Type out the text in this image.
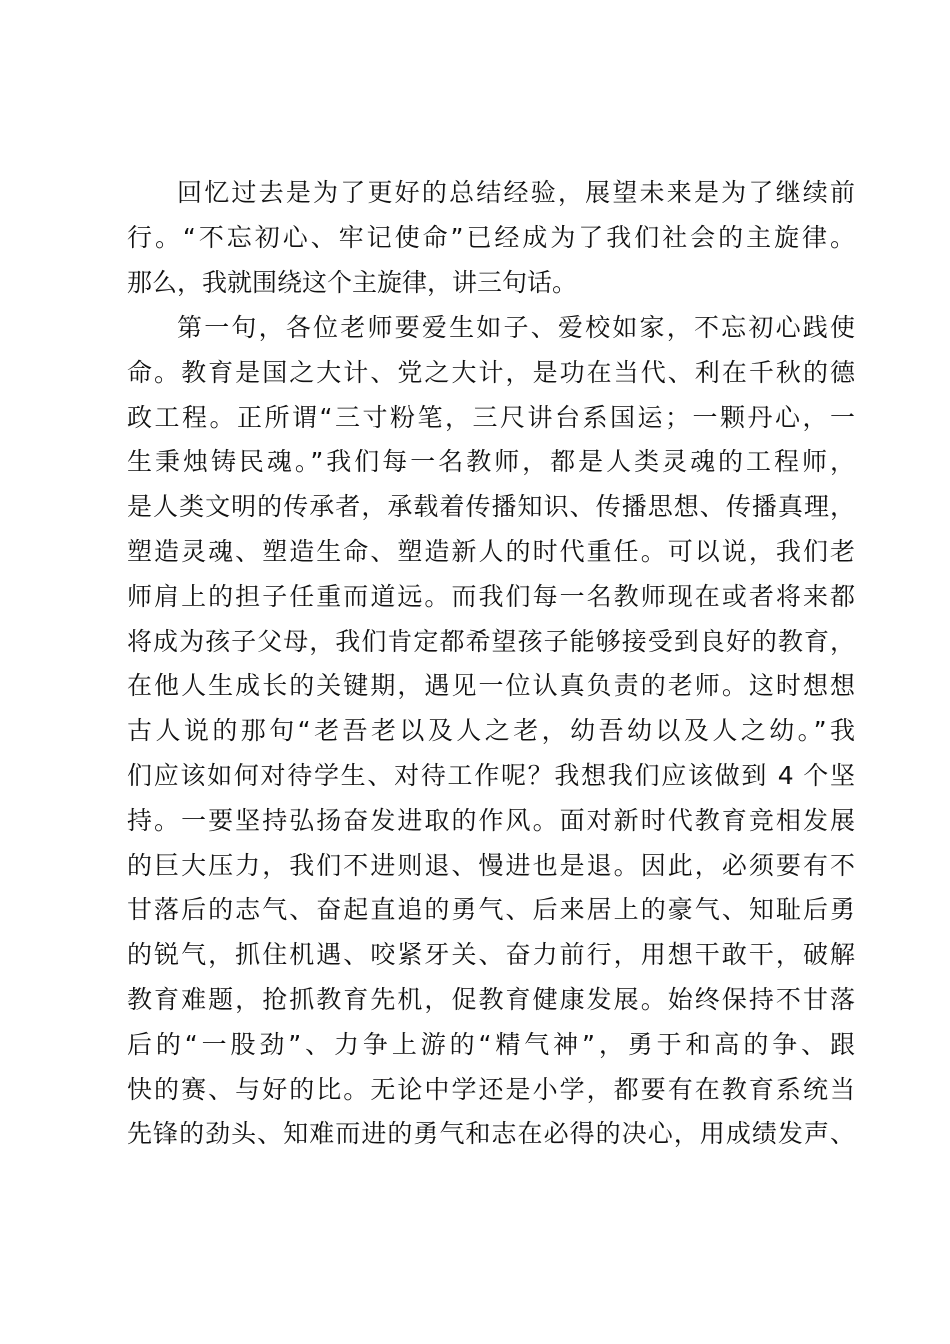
回忆过去是为了更好的总结经验，展望未来是为了继续前
行。“不忘初心、牢记使命”已经成为了我们社会的主旋律。
那么，我就围绕这个主旋律，讲三句话。
第一句，各位老师要爱生如子、爱校如家，不忘初心践使
命。教育是国之大计、党之大计，是功在当代、利在千秋的德
政工程。正所谓“三寸粉笔，三尺讲台系国运；一颗丹心，一
生秉烛铸民魂。”我们每一名教师，都是人类灵魂的工程师，
是人类文明的传承者，承载着传播知识、传播思想、传播真理，
塑造灵魂、塑造生命、塑造新人的时代重任。可以说，我们老
师肩上的担子任重而道远。而我们每一名教师现在或者将来都
将成为孩子父母，我们肯定都希望孩子能够接受到良好的教育，
在他人生成长的关键期，遇见一位认真负责的老师。这时想想
古人说的那句“老吾老以及人之老，幼吾幼以及人之幼。”我
们应该如何对待学生、对待工作呢？我想我们应该做到 4 个坚
持。一要坚持弘扬奋发进取的作风。面对新时代教育竞相发展
的巨大压力，我们不进则退、慢进也是退。因此，必须要有不
甘落后的志气、奋起直追的勇气、后来居上的豪气、知耻后勇
的锐气，抓住机遇、咬紧牙关、奋力前行，用想干敢干，破解
教育难题，抢抓教育先机，促教育健康发展。始终保持不甘落
后的“一股劲”、力争上游的“精气神”，勇于和高的争、跟
快的赛、与好的比。无论中学还是小学，都要有在教育系统当
先锋的劲头、知难而进的勇气和志在必得的决心，用成绩发声、
